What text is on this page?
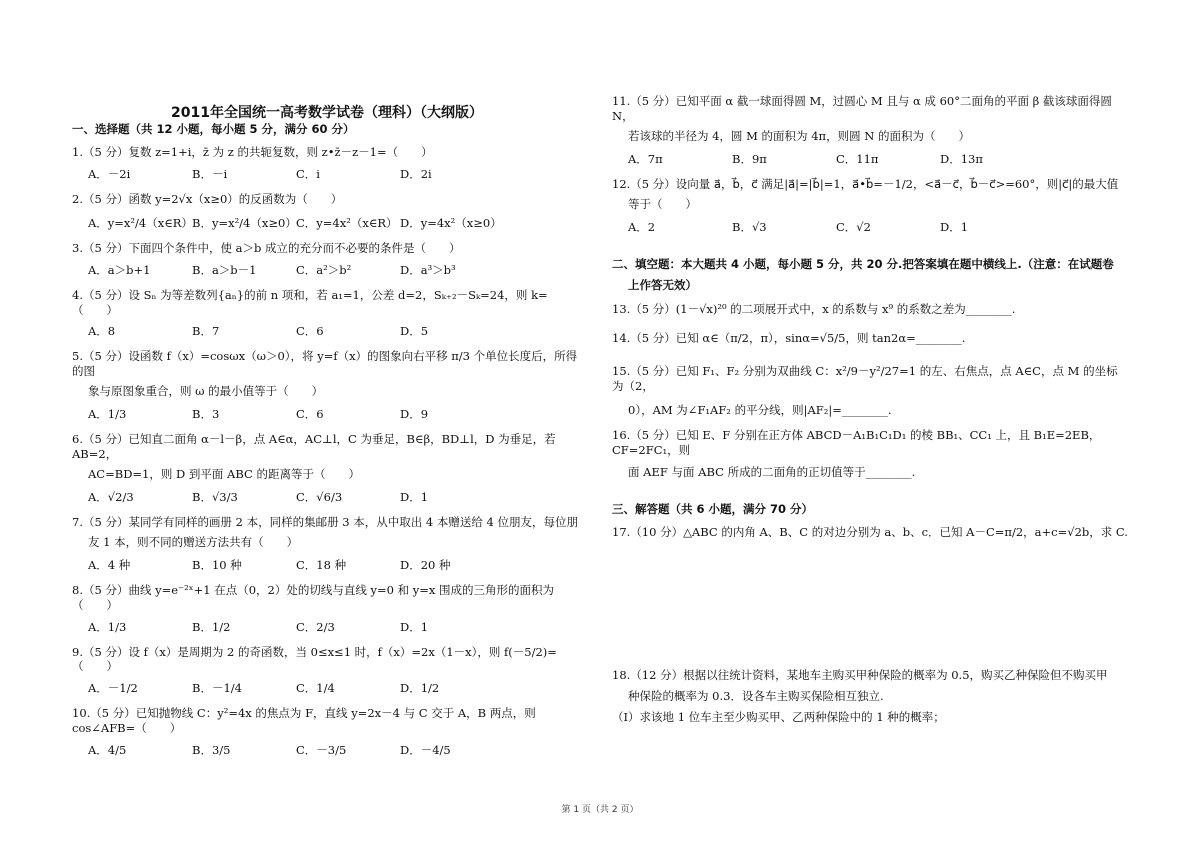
2011年全国统一高考数学试卷（理科）（大纲版）

一、选择题（共 12 小题，每小题 5 分，满分 60 分）

1.（5 分）复数 z=1+i，z̄ 为 z 的共轭复数，则 z•z̄－z－1=（　　）

A．－2i	B．－i	C．i	D．2i

2.（5 分）函数 y=2√x（x≥0）的反函数为（　　）

A．y=x²/4（x∈R） B．y=x²/4（x≥0） C．y=4x²（x∈R） D．y=4x²（x≥0）

3.（5 分）下面四个条件中，使 a＞b 成立的充分而不必要的条件是（　　）

A．a＞b+1	B．a＞b－1	C．a²＞b²	D．a³＞b³

4.（5 分）设 Sₙ 为等差数列{aₙ}的前 n 项和，若 a₁=1，公差 d=2，Sₖ₊₂－Sₖ=24，则 k=（　　）

A．8	B．7	C．6	D．5

5.（5 分）设函数 f（x）=cosωx（ω＞0），将 y=f（x）的图象向右平移 π/3 个单位长度后，所得的图

象与原图象重合，则 ω 的最小值等于（　　）

A．1/3	B．3	C．6	D．9

6.（5 分）已知直二面角 α－l－β，点 A∈α，AC⊥l，C 为垂足，B∈β，BD⊥l，D 为垂足，若 AB=2，

AC=BD=1，则 D 到平面 ABC 的距离等于（　　）

A．√2/3	B．√3/3	C．√6/3	D．1

7.（5 分）某同学有同样的画册 2 本，同样的集邮册 3 本，从中取出 4 本赠送给 4 位朋友，每位朋

友 1 本，则不同的赠送方法共有（　　）

A．4 种	B．10 种	C．18 种	D．20 种

8.（5 分）曲线 y=e⁻²ˣ+1 在点（0，2）处的切线与直线 y=0 和 y=x 围成的三角形的面积为（　　）

A．1/3	B．1/2	C．2/3	D．1

9.（5 分）设 f（x）是周期为 2 的奇函数，当 0≤x≤1 时，f（x）=2x（1－x），则 f(－5/2)=（　　）

A．－1/2	B．－1/4	C．1/4	D．1/2

10.（5 分）已知抛物线 C：y²=4x 的焦点为 F，直线 y=2x－4 与 C 交于 A，B 两点，则 cos∠AFB=（　　）

A．4/5	B．3/5	C．－3/5	D．－4/5

11.（5 分）已知平面 α 截一球面得圆 M，过圆心 M 且与 α 成 60°二面角的平面 β 截该球面得圆 N，

若该球的半径为 4，圆 M 的面积为 4π，则圆 N 的面积为（　　）

A．7π	B．9π	C．11π	D．13π

12.（5 分）设向量 a⃗，b⃗，c⃗ 满足|a⃗|=|b⃗|=1，a⃗•b⃗=－1/2，<a⃗－c⃗，b⃗－c⃗>=60°，则|c⃗|的最大值

等于（　　）

A．2	B．√3	C．√2	D．1

二、填空题：本大题共 4 小题，每小题 5 分，共 20 分.把答案填在题中横线上.（注意：在试题卷

上作答无效）

13.（5 分）(1－√x)²⁰ 的二项展开式中，x 的系数与 x⁹ 的系数之差为________.

14.（5 分）已知 α∈（π/2，π），sinα=√5/5，则 tan2α=________.

15.（5 分）已知 F₁、F₂ 分别为双曲线 C：x²/9－y²/27=1 的左、右焦点，点 A∈C，点 M 的坐标为（2，

0），AM 为∠F₁AF₂ 的平分线，则|AF₂|=________.

16.（5 分）已知 E、F 分别在正方体 ABCD－A₁B₁C₁D₁ 的棱 BB₁、CC₁ 上，且 B₁E=2EB，CF=2FC₁，则

面 AEF 与面 ABC 所成的二面角的正切值等于________.

三、解答题（共 6 小题，满分 70 分）

17.（10 分）△ABC 的内角 A、B、C 的对边分别为 a、b、c．已知 A－C=π/2，a+c=√2b，求 C.

18.（12 分）根据以往统计资料，某地车主购买甲种保险的概率为 0.5，购买乙种保险但不购买甲

种保险的概率为 0.3．设各车主购买保险相互独立.

（Ⅰ）求该地 1 位车主至少购买甲、乙两种保险中的 1 种的概率；

第 1 页（共 2 页）
